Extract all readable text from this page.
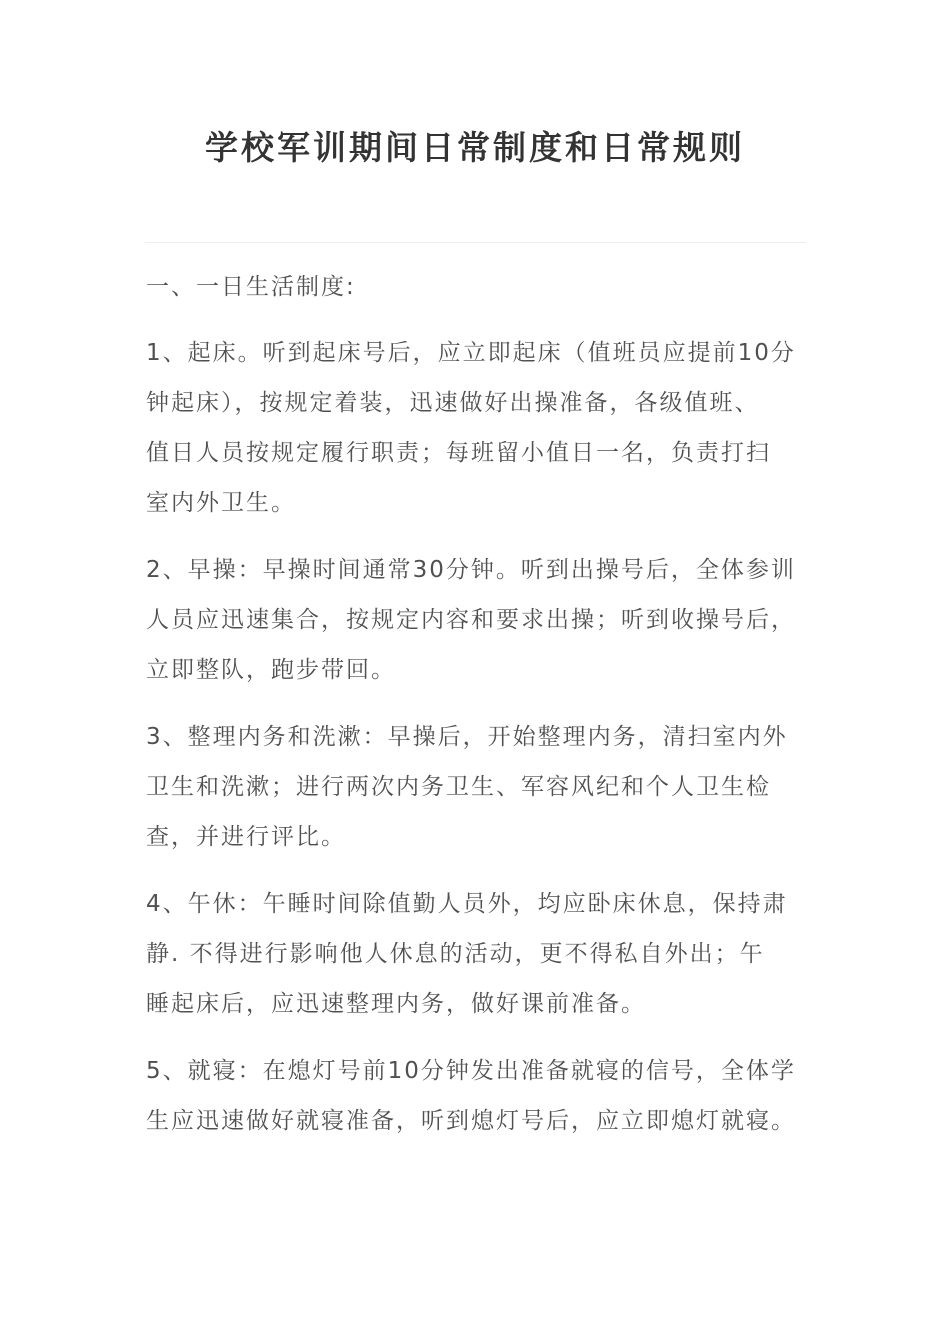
学校军训期间日常制度和日常规则

一、一日生活制度:

1、起床。听到起床号后，应立即起床（值班员应提前10分
钟起床），按规定着装，迅速做好出操准备，各级值班、
值日人员按规定履行职责；每班留小值日一名，负责打扫
室内外卫生。

2、早操：早操时间通常30分钟。听到出操号后，全体参训
人员应迅速集合，按规定内容和要求出操；听到收操号后，
立即整队，跑步带回。

3、整理内务和洗漱：早操后，开始整理内务，清扫室内外
卫生和洗漱；进行两次内务卫生、军容风纪和个人卫生检
查，并进行评比。

4、午休：午睡时间除值勤人员外，均应卧床休息，保持肃
静. 不得进行影响他人休息的活动，更不得私自外出；午
睡起床后，应迅速整理内务，做好课前准备。

5、就寝：在熄灯号前10分钟发出准备就寝的信号，全体学
生应迅速做好就寝准备，听到熄灯号后，应立即熄灯就寝。
